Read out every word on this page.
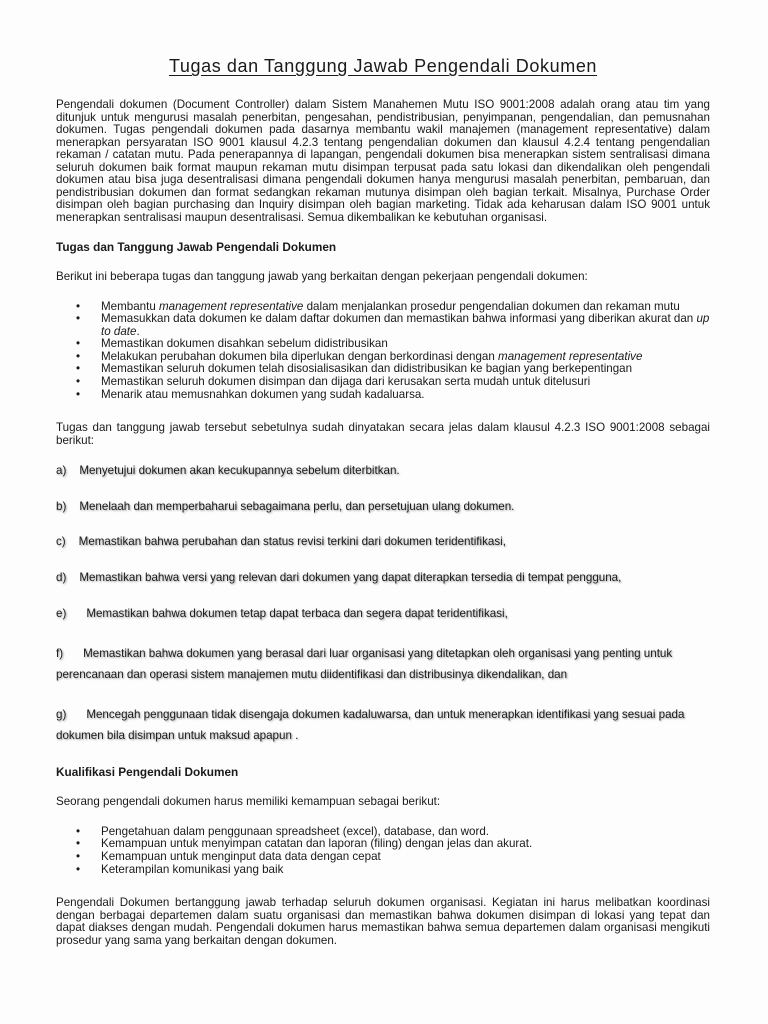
Tugas dan Tanggung Jawab Pengendali Dokumen

Pengendali dokumen (Document Controller) dalam Sistem Manahemen Mutu ISO 9001:2008 adalah orang atau tim yang ditunjuk untuk mengurusi masalah penerbitan, pengesahan, pendistribusian, penyimpanan, pengendalian, dan pemusnahan dokumen. Tugas pengendali dokumen pada dasarnya membantu wakil manajemen (management representative) dalam menerapkan persyaratan ISO 9001 klausul 4.2.3 tentang pengendalian dokumen dan klausul 4.2.4 tentang pengendalian rekaman / catatan mutu. Pada penerapannya di lapangan, pengendali dokumen bisa menerapkan sistem sentralisasi dimana seluruh dokumen baik format maupun rekaman mutu disimpan terpusat pada satu lokasi dan dikendalikan oleh pengendali dokumen atau bisa juga desentralisasi dimana pengendali dokumen hanya mengurusi masalah penerbitan, pembaruan, dan pendistribusian dokumen dan format sedangkan rekaman mutunya disimpan oleh bagian terkait. Misalnya, Purchase Order disimpan oleh bagian purchasing dan Inquiry disimpan oleh bagian marketing. Tidak ada keharusan dalam ISO 9001 untuk menerapkan sentralisasi maupun desentralisasi. Semua dikembalikan ke kebutuhan organisasi.

Tugas dan Tanggung Jawab Pengendali Dokumen

Berikut ini beberapa tugas dan tanggung jawab yang berkaitan dengan pekerjaan pengendali dokumen:

• Membantu management representative dalam menjalankan prosedur pengendalian dokumen dan rekaman mutu
• Memasukkan data dokumen ke dalam daftar dokumen dan memastikan bahwa informasi yang diberikan akurat dan up to date.
• Memastikan dokumen disahkan sebelum didistribusikan
• Melakukan perubahan dokumen bila diperlukan dengan berkordinasi dengan management representative
• Memastikan seluruh dokumen telah disosialisasikan dan didistribusikan ke bagian yang berkepentingan
• Memastikan seluruh dokumen disimpan dan dijaga dari kerusakan serta mudah untuk ditelusuri
• Menarik atau memusnahkan dokumen yang sudah kadaluarsa.

Tugas dan tanggung jawab tersebut sebetulnya sudah dinyatakan secara jelas dalam klausul 4.2.3 ISO 9001:2008 sebagai berikut:

a) Menyetujui dokumen akan kecukupannya sebelum diterbitkan.
b) Menelaah dan memperbaharui sebagaimana perlu, dan persetujuan ulang dokumen.
c) Memastikan bahwa perubahan dan status revisi terkini dari dokumen teridentifikasi,
d) Memastikan bahwa versi yang relevan dari dokumen yang dapat diterapkan tersedia di tempat pengguna,
e) Memastikan bahwa dokumen tetap dapat terbaca dan segera dapat teridentifikasi,
f) Memastikan bahwa dokumen yang berasal dari luar organisasi yang ditetapkan oleh organisasi yang penting untuk perencanaan dan operasi sistem manajemen mutu diidentifikasi dan distribusinya dikendalikan, dan
g) Mencegah penggunaan tidak disengaja dokumen kadaluwarsa, dan untuk menerapkan identifikasi yang sesuai pada dokumen bila disimpan untuk maksud apapun .
Kualifikasi Pengendali Dokumen

Seorang pengendali dokumen harus memiliki kemampuan sebagai berikut:

• Pengetahuan dalam penggunaan spreadsheet (excel), database, dan word.
• Kemampuan untuk menyimpan catatan dan laporan (filing) dengan jelas dan akurat.
• Kemampuan untuk menginput data data dengan cepat
• Keterampilan komunikasi yang baik

Pengendali Dokumen bertanggung jawab terhadap seluruh dokumen organisasi. Kegiatan ini harus melibatkan koordinasi dengan berbagai departemen dalam suatu organisasi dan memastikan bahwa dokumen disimpan di lokasi yang tepat dan dapat diakses dengan mudah. Pengendali dokumen harus memastikan bahwa semua departemen dalam organisasi mengikuti prosedur yang sama yang berkaitan dengan dokumen.
